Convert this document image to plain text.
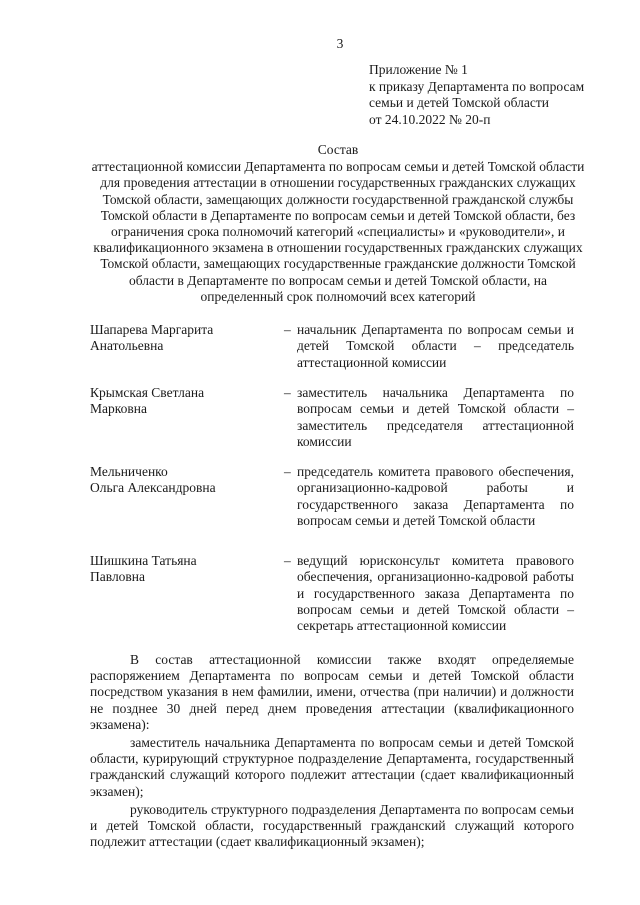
3
Приложение № 1
к приказу Департамента по вопросам
семьи и детей Томской области
от 24.10.2022 № 20-п
Состав
аттестационной комиссии Департамента по вопросам семьи и детей Томской области для проведения аттестации в отношении государственных гражданских служащих Томской области, замещающих должности государственной гражданской службы Томской области в Департаменте по вопросам семьи и детей Томской области, без ограничения срока полномочий категорий «специалисты» и «руководители», и квалификационного экзамена в отношении государственных гражданских служащих Томской области, замещающих государственные гражданские должности Томской области в Департаменте по вопросам семьи и детей Томской области, на определенный срок полномочий всех категорий
Шапарева Маргарита
Анатольевна
– начальник Департамента по вопросам семьи и детей Томской области – председатель аттестационной комиссии
Крымская Светлана
Марковна
– заместитель начальника Департамента по вопросам семьи и детей Томской области – заместитель председателя аттестационной комиссии
Мельниченко
Ольга Александровна
– председатель комитета правового обеспечения, организационно-кадровой работы и государственного заказа Департамента по вопросам семьи и детей Томской области
Шишкина Татьяна
Павловна
– ведущий юрисконсульт комитета правового обеспечения, организационно-кадровой работы и государственного заказа Департамента по вопросам семьи и детей Томской области – секретарь аттестационной комиссии

В состав аттестационной комиссии также входят определяемые распоряжением Департамента по вопросам семьи и детей Томской области посредством указания в нем фамилии, имени, отчества (при наличии) и должности не позднее 30 дней перед днем проведения аттестации (квалификационного экзамена):

заместитель начальника Департамента по вопросам семьи и детей Томской области, курирующий структурное подразделение Департамента, государственный гражданский служащий которого подлежит аттестации (сдает квалификационный экзамен);

руководитель структурного подразделения Департамента по вопросам семьи и детей Томской области, государственный гражданский служащий которого подлежит аттестации (сдает квалификационный экзамен);
